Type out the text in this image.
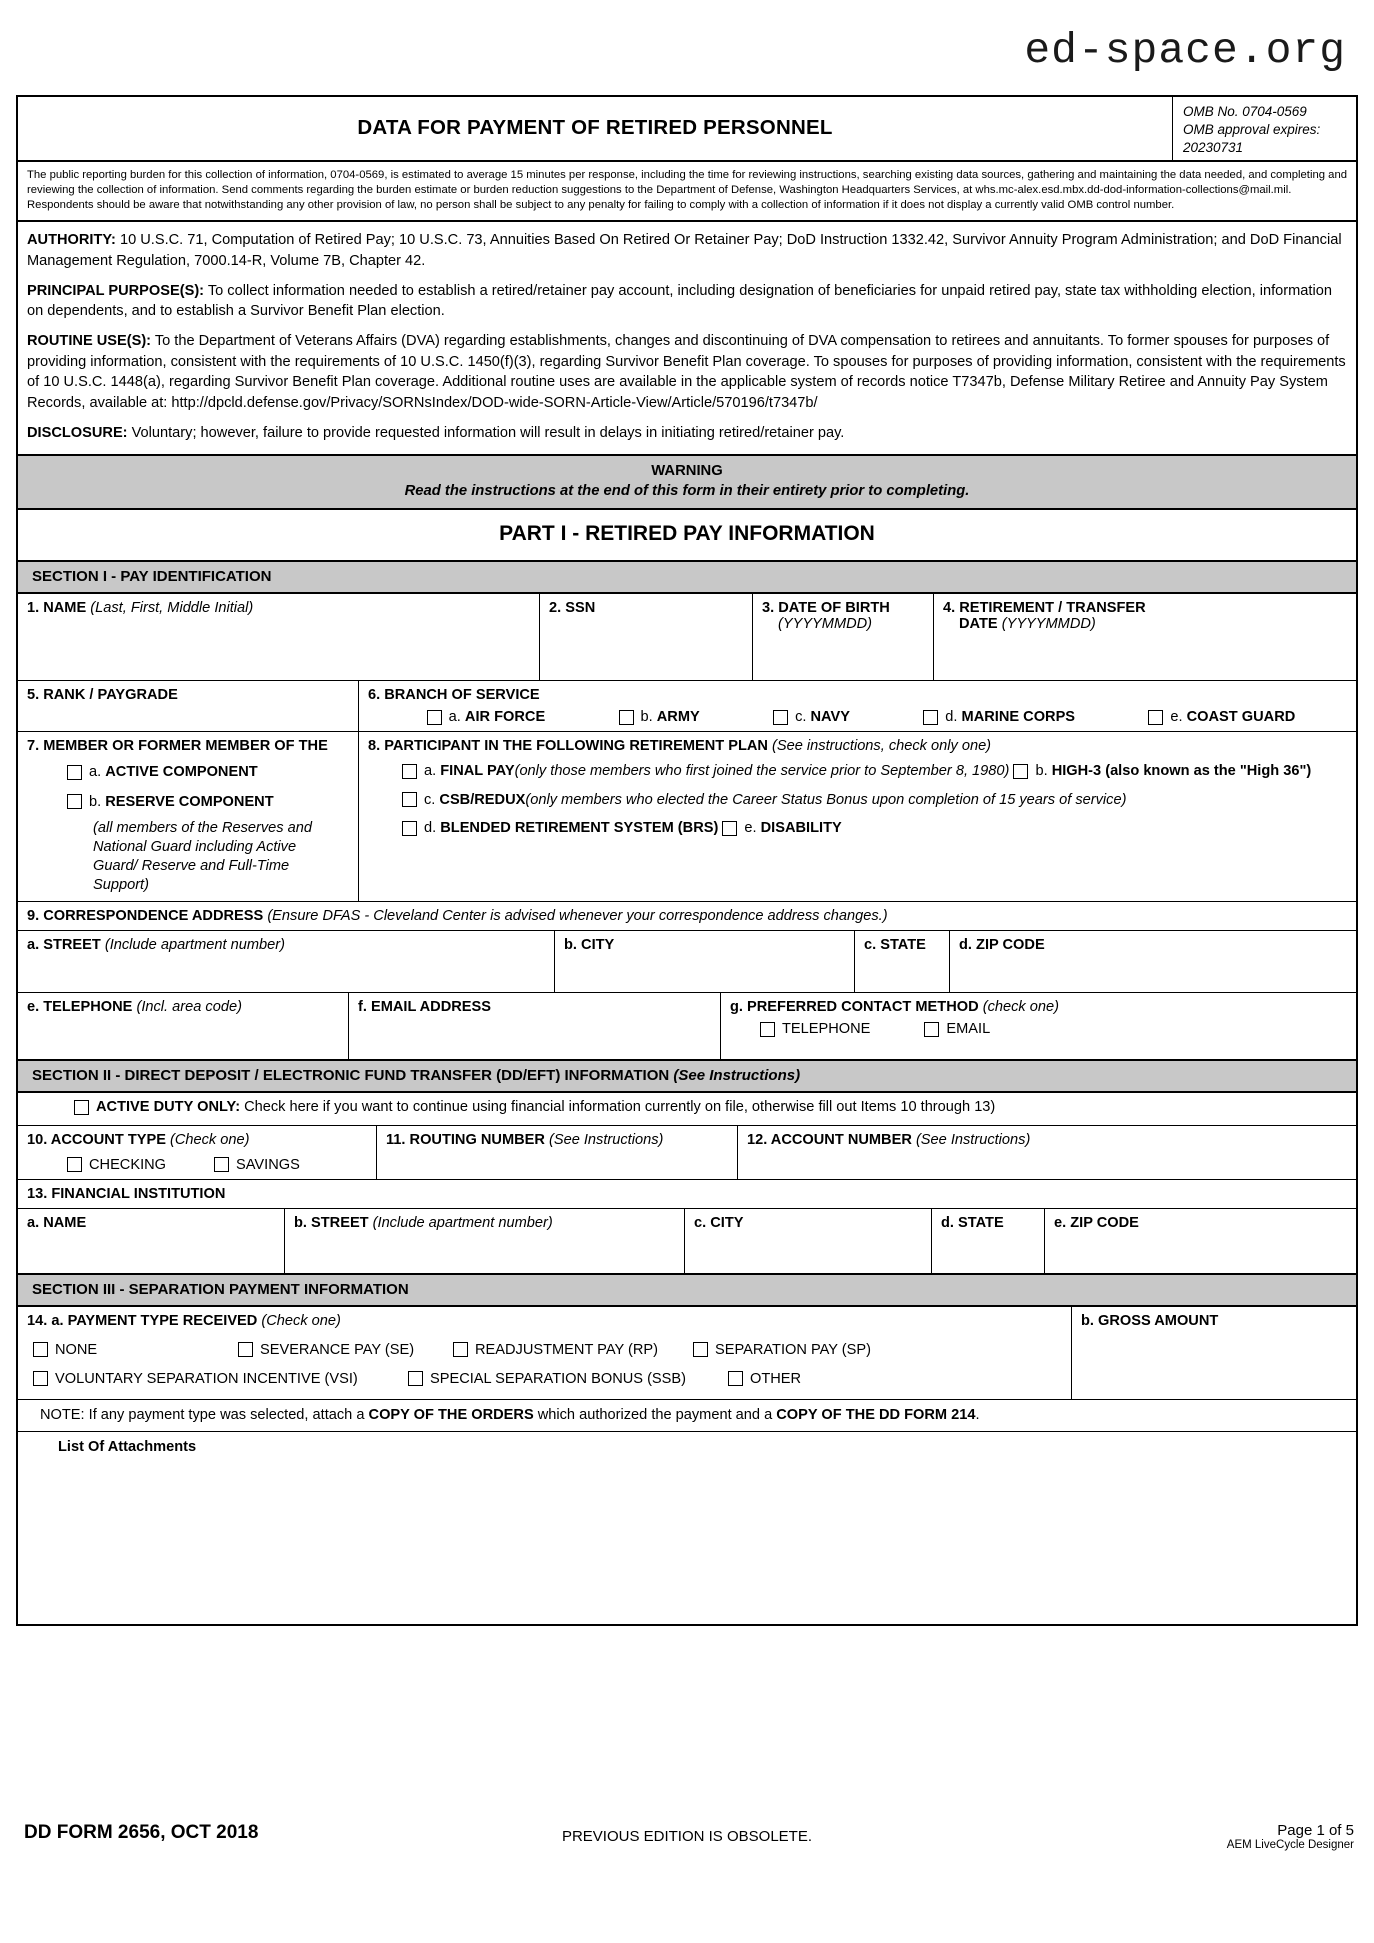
ed-space.org
DATA FOR PAYMENT OF RETIRED PERSONNEL
OMB No. 0704-0569
OMB approval expires:
20230731
The public reporting burden for this collection of information, 0704-0569, is estimated to average 15 minutes per response, including the time for reviewing instructions, searching existing data sources, gathering and maintaining the data needed, and completing and reviewing the collection of information. Send comments regarding the burden estimate or burden reduction suggestions to the Department of Defense, Washington Headquarters Services, at whs.mc-alex.esd.mbx.dd-dod-information-collections@mail.mil. Respondents should be aware that notwithstanding any other provision of law, no person shall be subject to any penalty for failing to comply with a collection of information if it does not display a currently valid OMB control number.

AUTHORITY: 10 U.S.C. 71, Computation of Retired Pay; 10 U.S.C. 73, Annuities Based On Retired Or Retainer Pay; DoD Instruction 1332.42, Survivor Annuity Program Administration; and DoD Financial Management Regulation, 7000.14-R, Volume 7B, Chapter 42.

PRINCIPAL PURPOSE(S): To collect information needed to establish a retired/retainer pay account, including designation of beneficiaries for unpaid retired pay, state tax withholding election, information on dependents, and to establish a Survivor Benefit Plan election.

ROUTINE USE(S): To the Department of Veterans Affairs (DVA) regarding establishments, changes and discontinuing of DVA compensation to retirees and annuitants. To former spouses for purposes of providing information, consistent with the requirements of 10 U.S.C. 1450(f)(3), regarding Survivor Benefit Plan coverage. To spouses for purposes of providing information, consistent with the requirements of 10 U.S.C. 1448(a), regarding Survivor Benefit Plan coverage. Additional routine uses are available in the applicable system of records notice T7347b, Defense Military Retiree and Annuity Pay System Records, available at: http://dpcld.defense.gov/Privacy/SORNsIndex/DOD-wide-SORN-Article-View/Article/570196/t7347b/

DISCLOSURE: Voluntary; however, failure to provide requested information will result in delays in initiating retired/retainer pay.

WARNING
Read the instructions at the end of this form in their entirety prior to completing.
PART I - RETIRED PAY INFORMATION
SECTION I - PAY IDENTIFICATION
1. NAME (Last, First, Middle Initial)	2. SSN	3. DATE OF BIRTH
(YYYYMMDD)
4. RETIREMENT / TRANSFER
DATE (YYYYMMDD)
5. RANK / PAYGRADE	6. BRANCH OF SERVICE
a. AIR FORCE	b. ARMY	c. NAVY	d. MARINE CORPS	e. COAST GUARD
7. MEMBER OR FORMER MEMBER OF THE
a. ACTIVE COMPONENT

b. RESERVE COMPONENT
(all members of the Reserves and National Guard including Active Guard/ Reserve and Full-Time Support)
8. PARTICIPANT IN THE FOLLOWING RETIREMENT PLAN (See instructions, check only one)
a. FINAL PAY (only those members who first joined the service prior to September 8, 1980)
b. HIGH-3 (also known as the "High 36")

c. CSB/REDUX (only members who elected the Career Status Bonus upon completion of 15 years of service)

d. BLENDED RETIREMENT SYSTEM (BRS)
e. DISABILITY
9. CORRESPONDENCE ADDRESS (Ensure DFAS - Cleveland Center is advised whenever your correspondence address changes.)
a. STREET (Include apartment number)	b. CITY	c. STATE	d. ZIP CODE
e. TELEPHONE (Incl. area code)	f. EMAIL ADDRESS	g. PREFERRED CONTACT METHOD (check one)
TELEPHONE	EMAIL
SECTION II - DIRECT DEPOSIT / ELECTRONIC FUND TRANSFER (DD/EFT) INFORMATION (See Instructions)
ACTIVE DUTY ONLY: Check here if you want to continue using financial information currently on file, otherwise fill out Items 10 through 13)
10. ACCOUNT TYPE (Check one)
CHECKING	SAVINGS
11. ROUTING NUMBER (See Instructions)	12. ACCOUNT NUMBER (See Instructions)
13. FINANCIAL INSTITUTION
a. NAME	b. STREET (Include apartment number)	c. CITY	d. STATE	e. ZIP CODE
SECTION III - SEPARATION PAYMENT INFORMATION
14. a. PAYMENT TYPE RECEIVED (Check one)
NONE	SEVERANCE PAY (SE)	READJUSTMENT PAY (RP)	SEPARATION PAY (SP)
VOLUNTARY SEPARATION INCENTIVE (VSI)	SPECIAL SEPARATION BONUS (SSB)	OTHER
b. GROSS AMOUNT
NOTE: If any payment type was selected, attach a COPY OF THE ORDERS which authorized the payment and a COPY OF THE DD FORM 214.
List Of Attachments
DD FORM 2656, OCT 2018	PREVIOUS EDITION IS OBSOLETE.	Page 1 of 5
AEM LiveCycle Designer
